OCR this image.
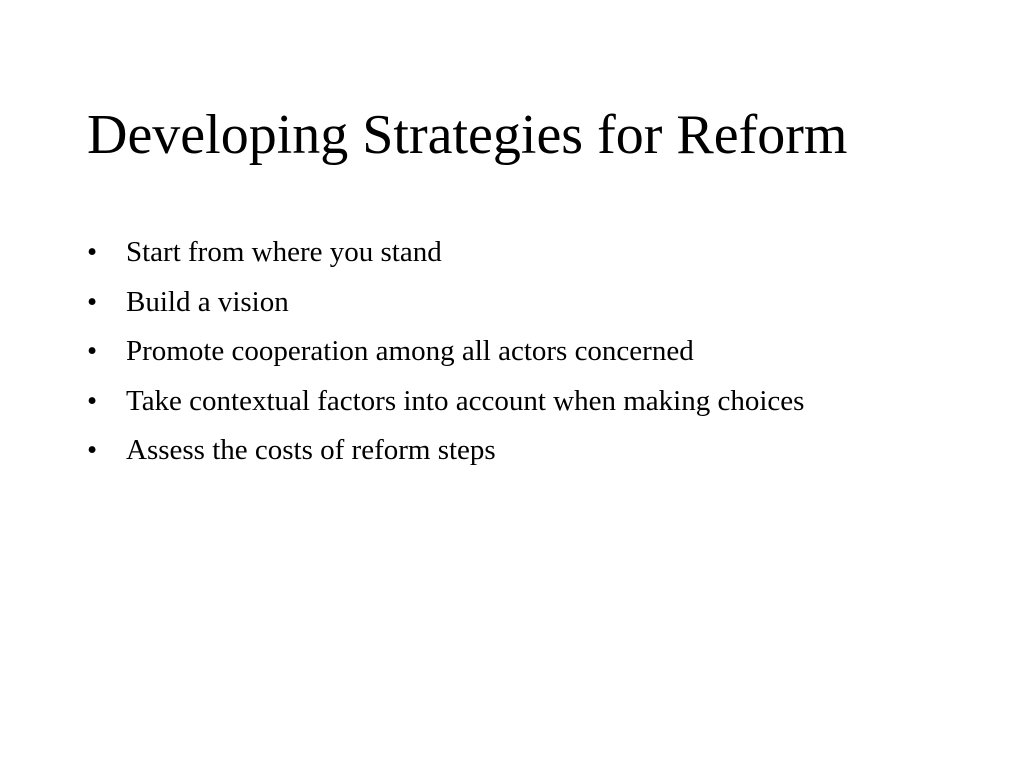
Developing Strategies for Reform
• Start from where you stand
• Build a vision
• Promote cooperation among all actors concerned
• Take contextual factors into account when making choices
• Assess the costs of reform steps
